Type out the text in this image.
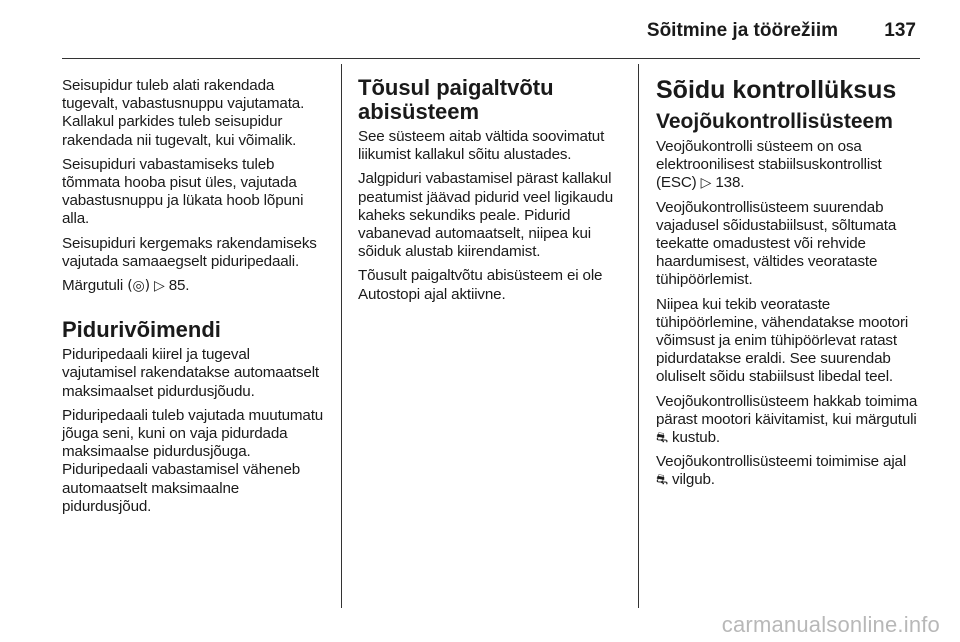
Sõitmine ja töörežiim 137

Seisupidur tuleb alati rakendada tugevalt, vabastusnuppu vajutamata. Kallakul parkides tuleb seisupidur rakendada nii tugevalt, kui võimalik.

Seisupiduri vabastamiseks tuleb tõmmata hooba pisut üles, vajutada vabastusnuppu ja lükata hoob lõpuni alla.

Seisupiduri kergemaks rakendamiseks vajutada samaaegselt piduripedaali.

Märgutuli (◎) ▷ 85.

Pidurivõimendi

Piduripedaali kiirel ja tugeval vajutamisel rakendatakse automaatselt maksimaalset pidurdusjõudu.

Piduripedaali tuleb vajutada muutumatu jõuga seni, kuni on vaja pidurdada maksimaalse pidurdusjõuga. Piduripedaali vabastamisel väheneb automaatselt maksimaalne pidurdusjõud.

Tõusul paigaltvõtu abisüsteem

See süsteem aitab vältida soovimatut liikumist kallakul sõitu alustades.

Jalgpiduri vabastamisel pärast kallakul peatumist jäävad pidurid veel ligikaudu kaheks sekundiks peale. Pidurid vabanevad automaatselt, niipea kui sõiduk alustab kiirendamist.

Tõusult paigaltvõtu abisüsteem ei ole Autostopi ajal aktiivne.

Sõidu kontrollüksus
Veojõukontrollisüsteem

Veojõukontrolli süsteem on osa elektroonilisest stabiilsuskontrollist (ESC) ▷ 138.

Veojõukontrollisüsteem suurendab vajadusel sõidustabiilsust, sõltumata teekatte omadustest või rehvide haardumisest, vältides veorataste tühipöörlemist.

Niipea kui tekib veorataste tühipöörlemine, vähendatakse mootori võimsust ja enim tühipöörlevat ratast pidurdatakse eraldi. See suurendab oluliselt sõidu stabiilsust libedal teel.

Veojõukontrollisüsteem hakkab toimima pärast mootori käivitamist, kui märgutuli ⛐ kustub.

Veojõukontrollisüsteemi toimimise ajal ⛐ vilgub.

carmanualsonline.info
